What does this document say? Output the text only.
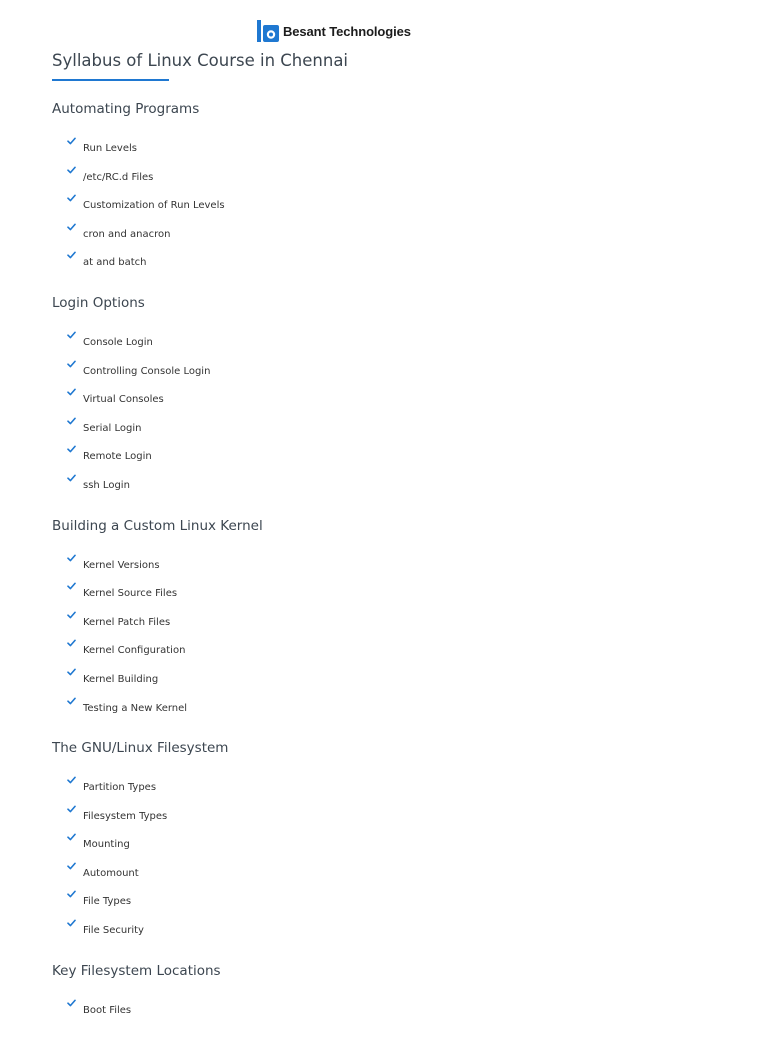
Besant Technologies
Syllabus of Linux Course in Chennai
Automating Programs
Run Levels
/etc/RC.d Files
Customization of Run Levels
cron and anacron
at and batch
Login Options
Console Login
Controlling Console Login
Virtual Consoles
Serial Login
Remote Login
ssh Login
Building a Custom Linux Kernel
Kernel Versions
Kernel Source Files
Kernel Patch Files
Kernel Configuration
Kernel Building
Testing a New Kernel
The GNU/Linux Filesystem
Partition Types
Filesystem Types
Mounting
Automount
File Types
File Security
Key Filesystem Locations
Boot Files
